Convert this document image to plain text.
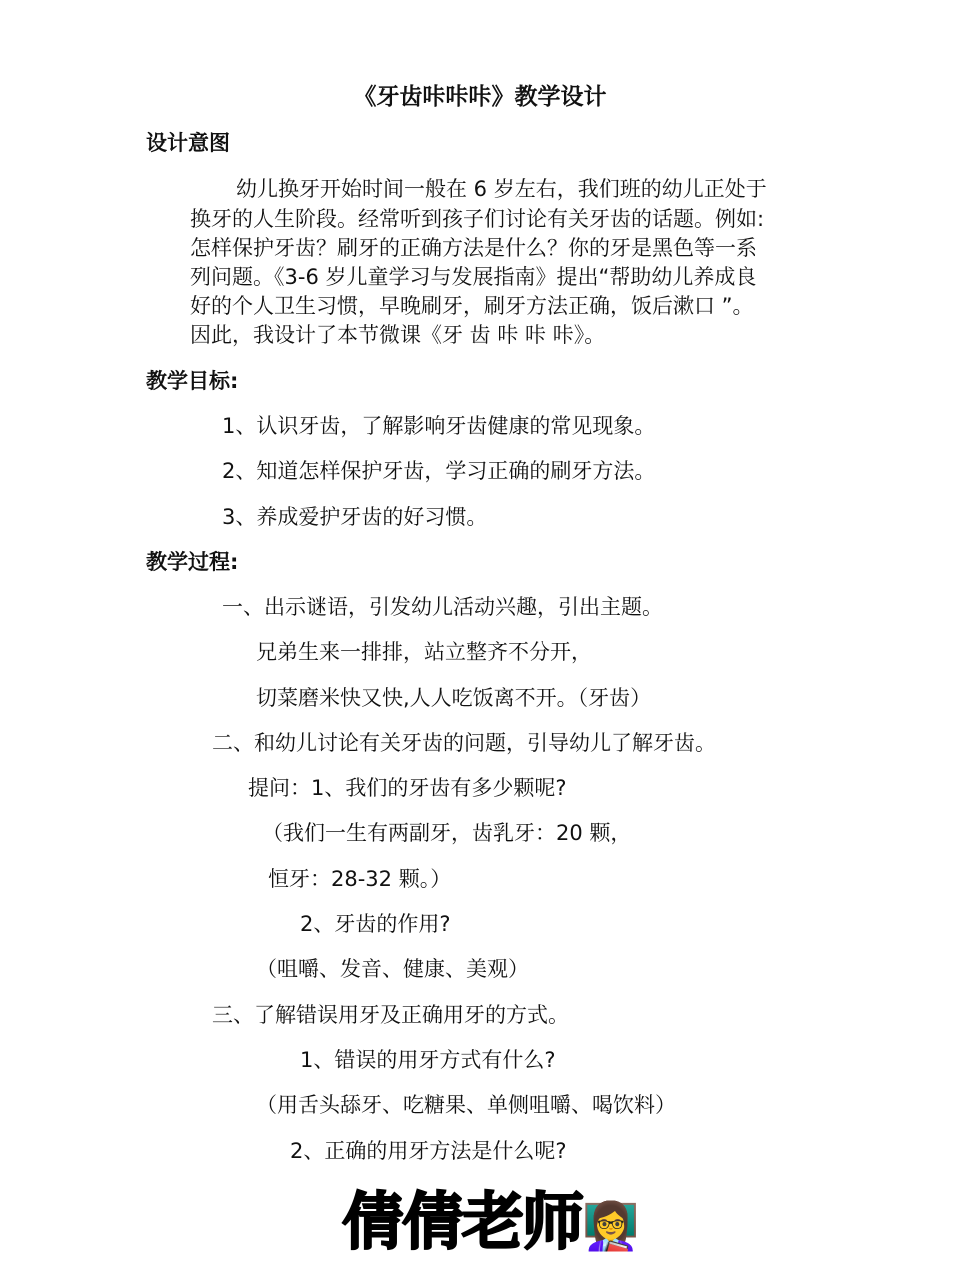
《牙齿咔咔咔》教学设计
设计意图
幼儿换牙开始时间一般在 6 岁左右，我们班的幼儿正处于
换牙的人生阶段。经常听到孩子们讨论有关牙齿的话题。例如:
怎样保护牙齿？刷牙的正确方法是什么？你的牙是黑色等一系
列问题。《3-6 岁儿童学习与发展指南》提出“帮助幼儿养成良
好的个人卫生习惯，早晚刷牙，刷牙方法正确，饭后漱口 ”。
因此，我设计了本节微课《牙 齿 咔 咔 咔》。
教学目标:
1、认识牙齿，了解影响牙齿健康的常见现象。
2、知道怎样保护牙齿，学习正确的刷牙方法。
3、养成爱护牙齿的好习惯。
教学过程:
一、出示谜语，引发幼儿活动兴趣，引出主题。
兄弟生来一排排，站立整齐不分开，
切菜磨米快又快,人人吃饭离不开。（牙齿）
二、和幼儿讨论有关牙齿的问题，引导幼儿了解牙齿。
提问：1、我们的牙齿有多少颗呢?
（我们一生有两副牙，齿乳牙：20 颗，
恒牙：28-32 颗。）
2、牙齿的作用?
（咀嚼、发音、健康、美观）
三、了解错误用牙及正确用牙的方式。
1、错误的用牙方式有什么?
（用舌头舔牙、吃糖果、单侧咀嚼、喝饮料）
2、正确的用牙方法是什么呢?
倩倩老师👩‍🏫
